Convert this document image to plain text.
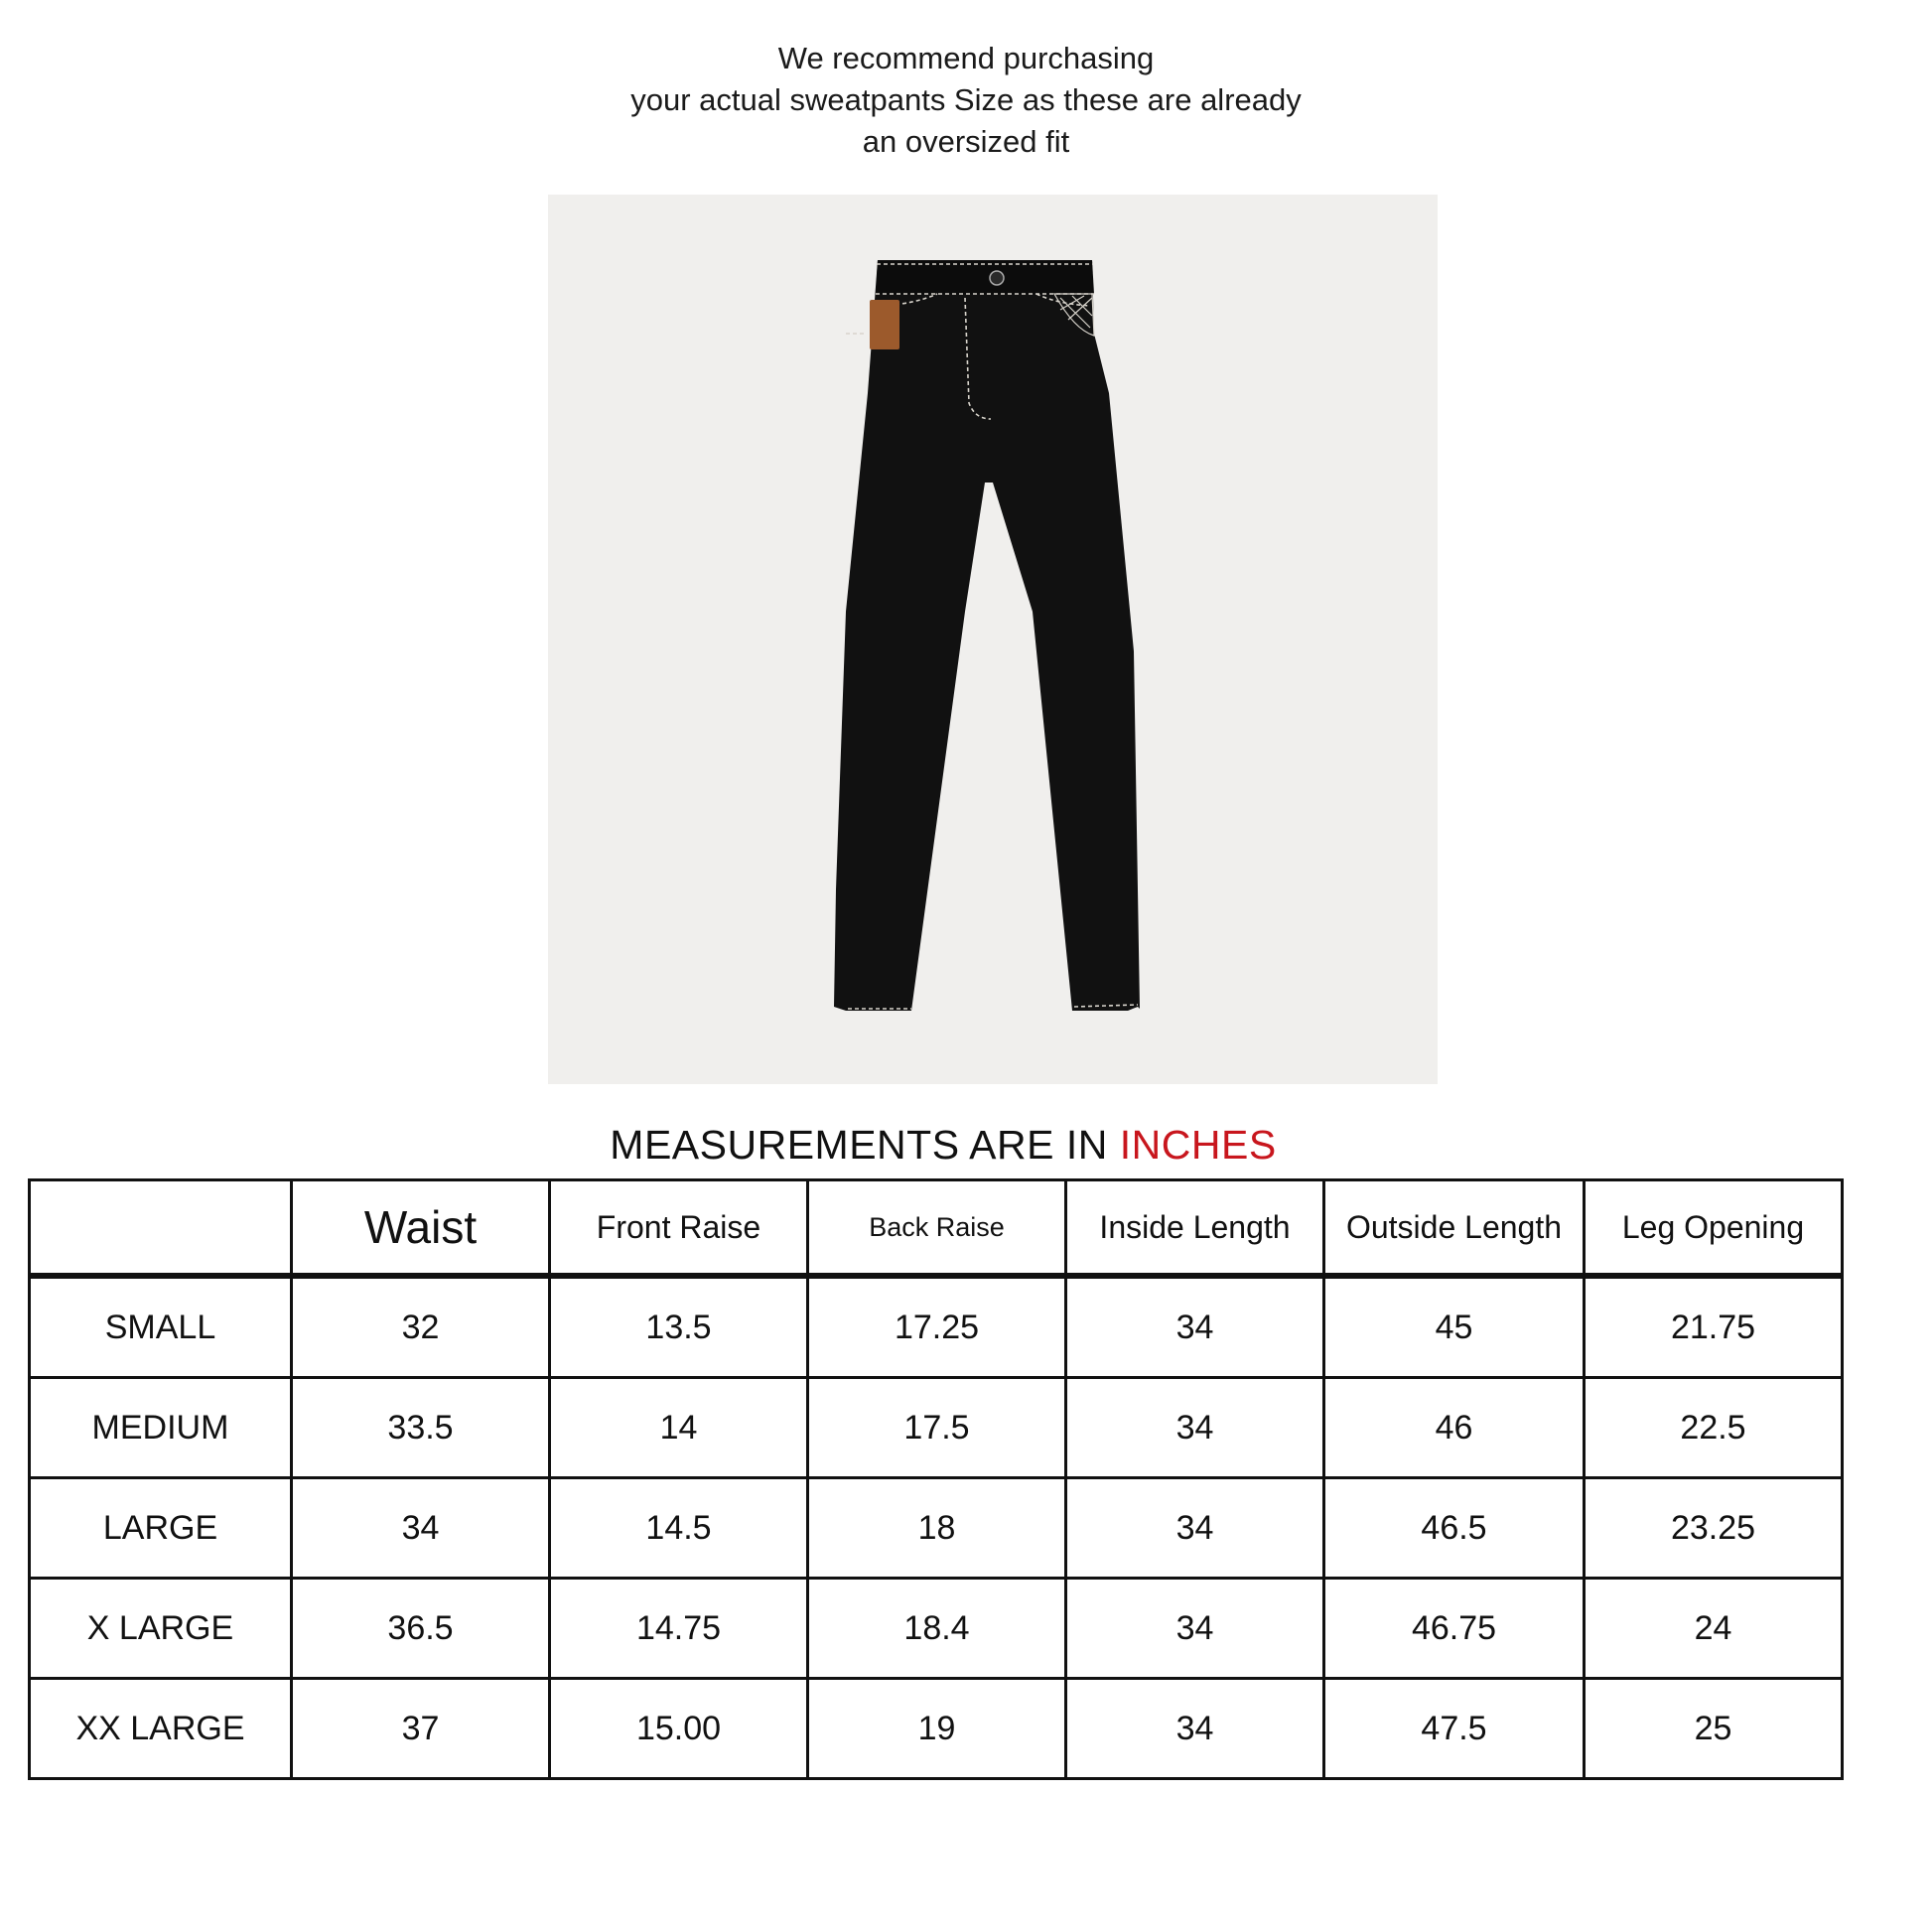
We recommend purchasing
your actual sweatpants Size as these are already
an oversized fit
MEASUREMENTS ARE IN INCHES
	Waist	Front Raise	Back Raise	Inside Length	Outside Length	Leg Opening
SMALL	32	13.5	17.25	34	45	21.75
MEDIUM	33.5	14	17.5	34	46	22.5
LARGE	34	14.5	18	34	46.5	23.25
X LARGE	36.5	14.75	18.4	34	46.75	24
XX LARGE	37	15.00	19	34	47.5	25
